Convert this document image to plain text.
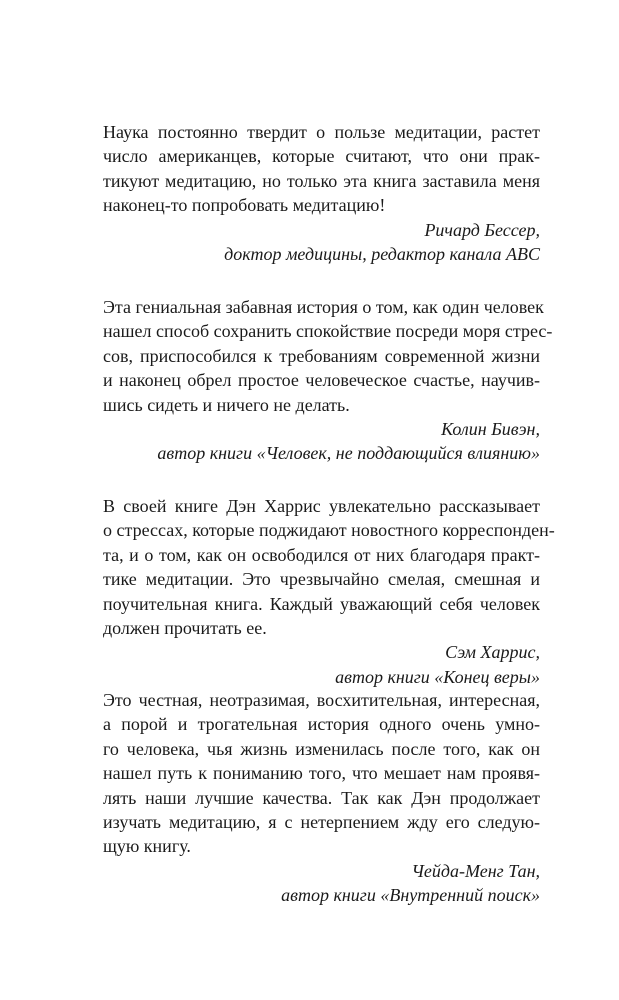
Наука постоянно твердит о пользе медитации, растет
число американцев, которые считают, что они прак-
тикуют медитацию, но только эта книга заставила меня
наконец-то попробовать медитацию!

Ричард Бессер,
доктор медицины, редактор канала ABC

Эта гениальная забавная история о том, как один человек
нашел способ сохранить спокойствие посреди моря стрес-
сов, приспособился к требованиям современной жизни
и наконец обрел простое человеческое счастье, научив-
шись сидеть и ничего не делать.

Колин Бивэн,
автор книги «Человек, не поддающийся влиянию»

В своей книге Дэн Харрис увлекательно рассказывает
о стрессах, которые поджидают новостного корреспонден-
та, и о том, как он освободился от них благодаря практ-
тике медитации. Это чрезвычайно смелая, смешная и
поучительная книга. Каждый уважающий себя человек
должен прочитать ее.

Сэм Харрис,
автор книги «Конец веры»

Это честная, неотразимая, восхитительная, интересная,
а порой и трогательная история одного очень умно-
го человека, чья жизнь изменилась после того, как он
нашел путь к пониманию того, что мешает нам проявя-
лять наши лучшие качества. Так как Дэн продолжает
изучать медитацию, я с нетерпением жду его следую-
щую книгу.

Чейда-Менг Тан,
автор книги «Внутренний поиск»
